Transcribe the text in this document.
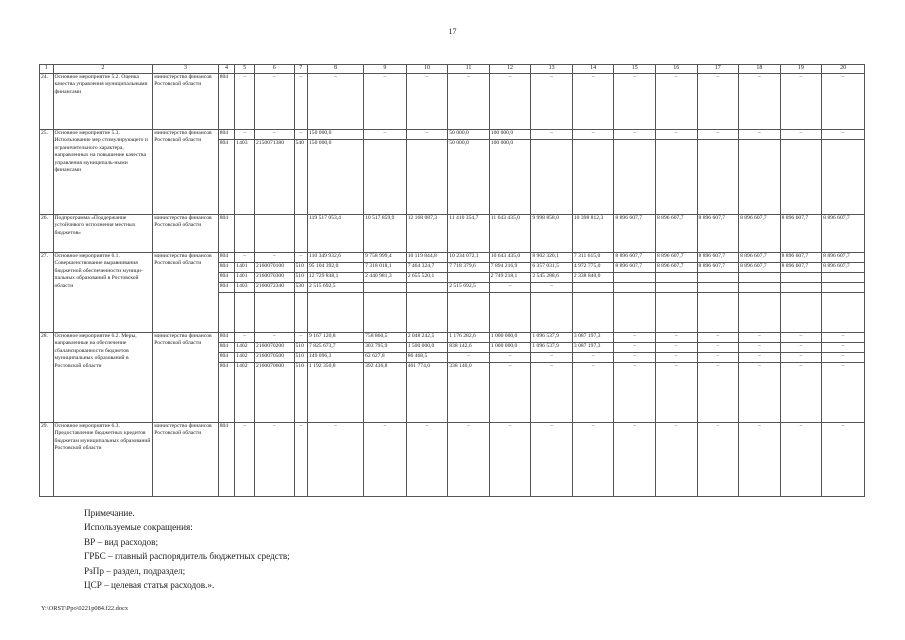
17
1	2	3	4	5	6	7	8	9	10	11	12	13	14	15	16	17	18	19	20
24.	Основное мероприятие 5.2. Оценка качества управления муниципальными финансами	министерство финансов Ростовской области	804	–	–	–	–	–	–	–	–	–	–	–	–	–	–	–	–
25.	Основное мероприятие 5.3. Использование мер стимулирующего и ограничительного характера, направленных на повышение качества управления муниципаль-ными финансами	министерство финансов Ростовской области	804	–	–	–	150 000,0	–	–	50 000,0	100 000,0	–	–	–	–	–	–	–	–
			804	1403	2150071380	540	150 000,0			50 000,0	100 000,0								
26.	Подпрограмма «Поддержание устойчивого исполнения местных бюджетов»	министерство финансов Ростовской области	804				119 517 053,4	10 517 859,9	12 168 087,3	11 410 354,7	11 643 435,0	9 998 858,0	10 398 812,3	8 896 607,7	8 896 607,7	8 896 607,7	8 896 607,7	8 896 607,7	8 896 607,7
27.	Основное мероприятие 6.1. Совершенствование выравнивания бюджетной обеспеченности муници-пальных образований в Ростовской области	министерство финансов Ростовской области	804	–	–	–	110 349 932,6	9 758 999,4	10 119 844,8	10 234 072,1	10 643 435,0	8 902 320,1	7 311 615,0	8 896 607,7	8 896 607,7	8 896 607,7	8 896 607,7	8 896 607,7	8 896 607,7
			804	1401	2160070100	510	95 104 392,0	7 318 018,1	7 464 324,7	7 718 379,6	7 894 216,9	6 357 031,5	4 972 775,0	8 896 607,7	8 896 607,7	8 896 607,7	8 896 607,7	8 896 607,7	8 896 607,7
			804	1401	2160070300	510	12 729 848,1	2 440 981,3	2 655 520,1		2 749 218,1	2 545 288,6	2 338 840,0						
			804	1403	2160072340	530	2 515 692,5			2 515 692,5	–	–							

28.	Основное мероприятие 6.2. Меры, направленные на обеспечение сбалансированности бюджетов муниципальных образований в Ростовской области	министерство финансов Ростовской области	804	–	–	–	9 167 120,8	758 860,5	2 048 242,5	1 176 282,6	1 000 000,0	1 096 537,9	3 087 197,3	–	–	–	–	–	–
			804	1402	2160070200	510	7 825 673,7	303 795,9	1 500 000,0	838 142,6	1 000 000,0	1 096 537,9	3 087 197,3	–	–	–	–	–	–
			804	1402	2160070500	510	149 096,3	62 627,8	86 468,5	–	–	–	–	–	–	–	–	–	–
			804	1402	2160070600	510	1 192 350,8	392 436,8	461 774,0	338 140,0	–	–	–	–	–	–	–	–	–
29.	Основное мероприятие 6.3. Предоставление бюджетных кредитов бюджетам муниципальных образований Ростовской области	министерство финансов Ростовской области	804	–	–	–	–	–	–	–	–	–	–	–	–	–	–	–	–
Примечание.
Используемые сокращения:
ВР – вид расходов;
ГРБС – главный распорядитель бюджетных средств;
РзПр – раздел, подраздел;
ЦСР – целевая статья расходов.».
Y:\ORST\Ppo\0221p084.f22.docx
